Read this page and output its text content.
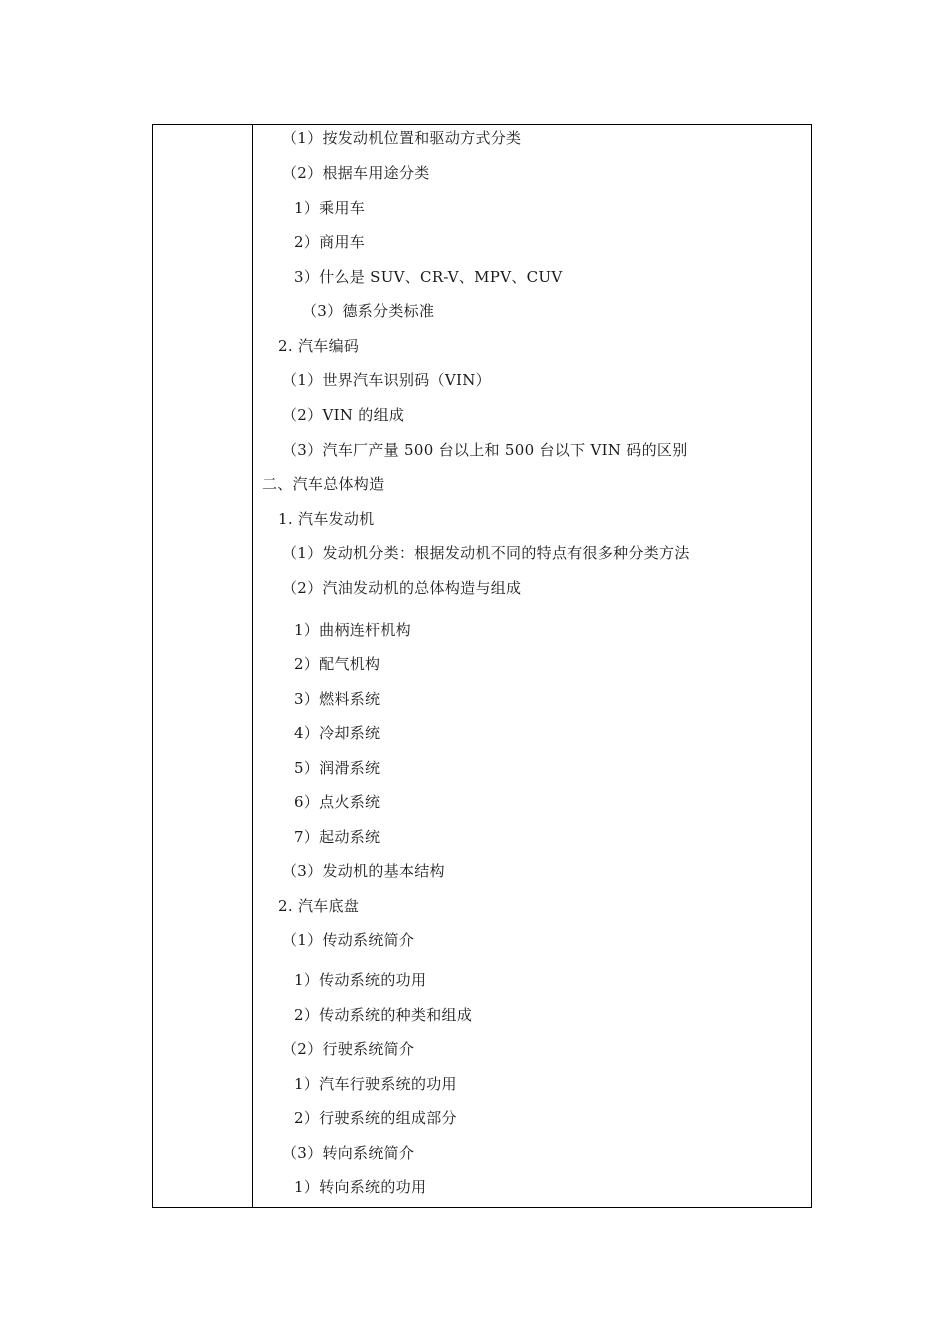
（1）按发动机位置和驱动方式分类
（2）根据车用途分类
1）乘用车
2）商用车
3）什么是 SUV、CR-V、MPV、CUV
（3）德系分类标准
2. 汽车编码
（1）世界汽车识别码（VIN）
（2）VIN 的组成
（3）汽车厂产量 500 台以上和 500 台以下 VIN 码的区别
二、汽车总体构造
1. 汽车发动机
（1）发动机分类：根据发动机不同的特点有很多种分类方法
（2）汽油发动机的总体构造与组成
1）曲柄连杆机构
2）配气机构
3）燃料系统
4）冷却系统
5）润滑系统
6）点火系统
7）起动系统
（3）发动机的基本结构
2. 汽车底盘
（1）传动系统简介
1）传动系统的功用
2）传动系统的种类和组成
（2）行驶系统简介
1）汽车行驶系统的功用
2）行驶系统的组成部分
（3）转向系统简介
1）转向系统的功用
